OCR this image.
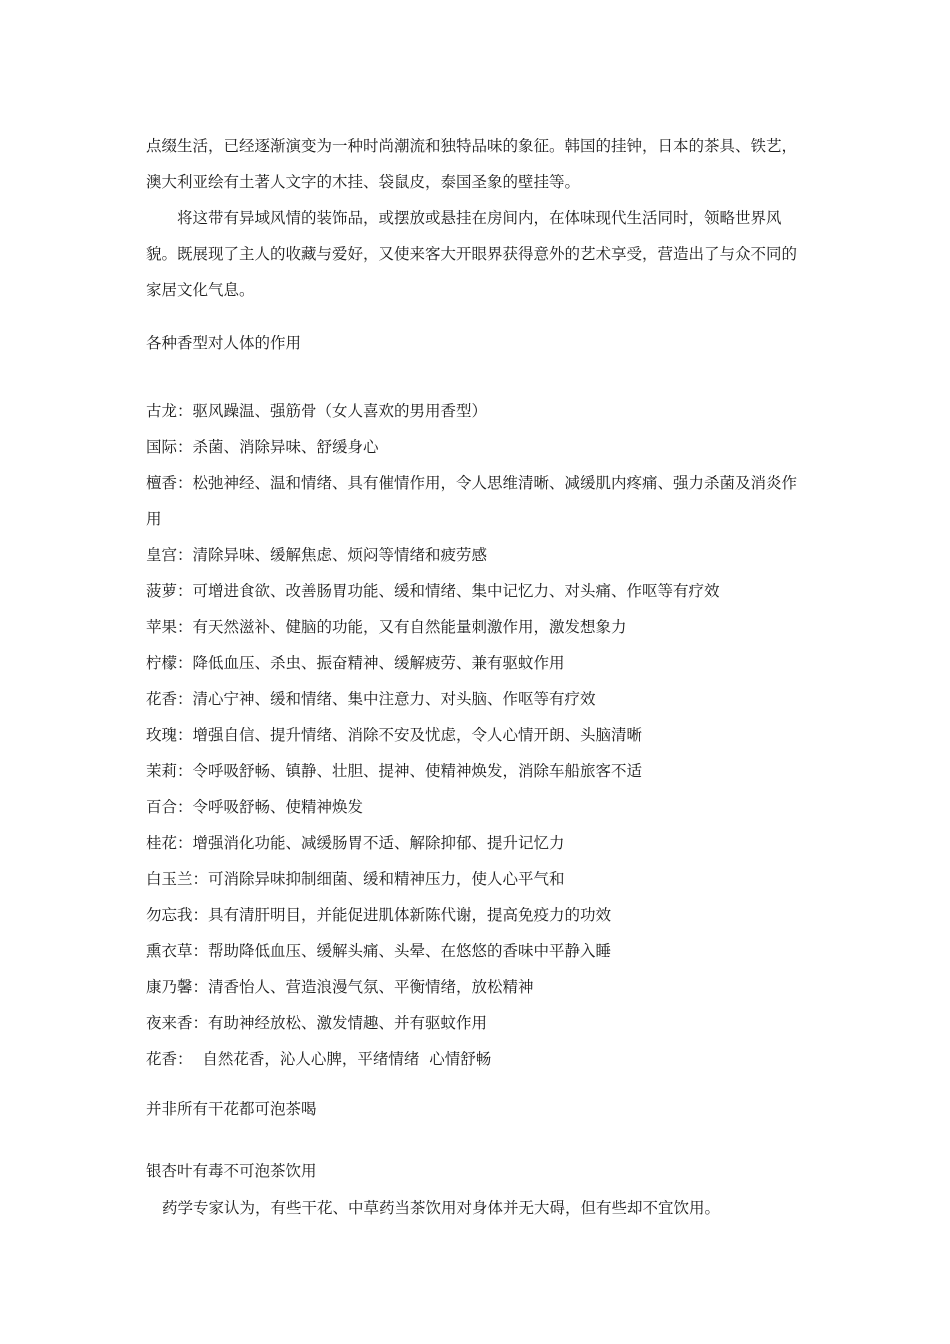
点缀生活，已经逐渐演变为一种时尚潮流和独特品味的象征。韩国的挂钟，日本的茶具、铁艺，澳大利亚绘有土著人文字的木挂、袋鼠皮，泰国圣象的壁挂等。
将这带有异域风情的装饰品，或摆放或悬挂在房间内，在体味现代生活同时，领略世界风貌。既展现了主人的收藏与爱好，又使来客大开眼界获得意外的艺术享受，营造出了与众不同的家居文化气息。
各种香型对人体的作用
古龙：驱风躁温、强筋骨（女人喜欢的男用香型）
国际：杀菌、消除异味、舒缓身心
檀香：松弛神经、温和情绪、具有催情作用，令人思维清晰、减缓肌内疼痛、强力杀菌及消炎作用
皇宫：清除异味、缓解焦虑、烦闷等情绪和疲劳感
菠萝：可增进食欲、改善肠胃功能、缓和情绪、集中记忆力、对头痛、作呕等有疗效
苹果：有天然滋补、健脑的功能，又有自然能量刺激作用，激发想象力
柠檬：降低血压、杀虫、振奋精神、缓解疲劳、兼有驱蚊作用
花香：清心宁神、缓和情绪、集中注意力、对头脑、作呕等有疗效
玫瑰：增强自信、提升情绪、消除不安及忧虑，令人心情开朗、头脑清晰
茉莉：令呼吸舒畅、镇静、壮胆、提神、使精神焕发，消除车船旅客不适
百合：令呼吸舒畅、使精神焕发
桂花：增强消化功能、减缓肠胃不适、解除抑郁、提升记忆力
白玉兰：可消除异味抑制细菌、缓和精神压力，使人心平气和
勿忘我：具有清肝明目，并能促进肌体新陈代谢，提高免疫力的功效
熏衣草：帮助降低血压、缓解头痛、头晕、在悠悠的香味中平静入睡
康乃馨：清香怡人、营造浪漫气氛、平衡情绪，放松精神
夜来香：有助神经放松、激发情趣、并有驱蚊作用
花香：  自然花香，沁人心脾，平绪情绪  心情舒畅
并非所有干花都可泡茶喝
银杏叶有毒不可泡茶饮用
药学专家认为，有些干花、中草药当茶饮用对身体并无大碍，但有些却不宜饮用。
